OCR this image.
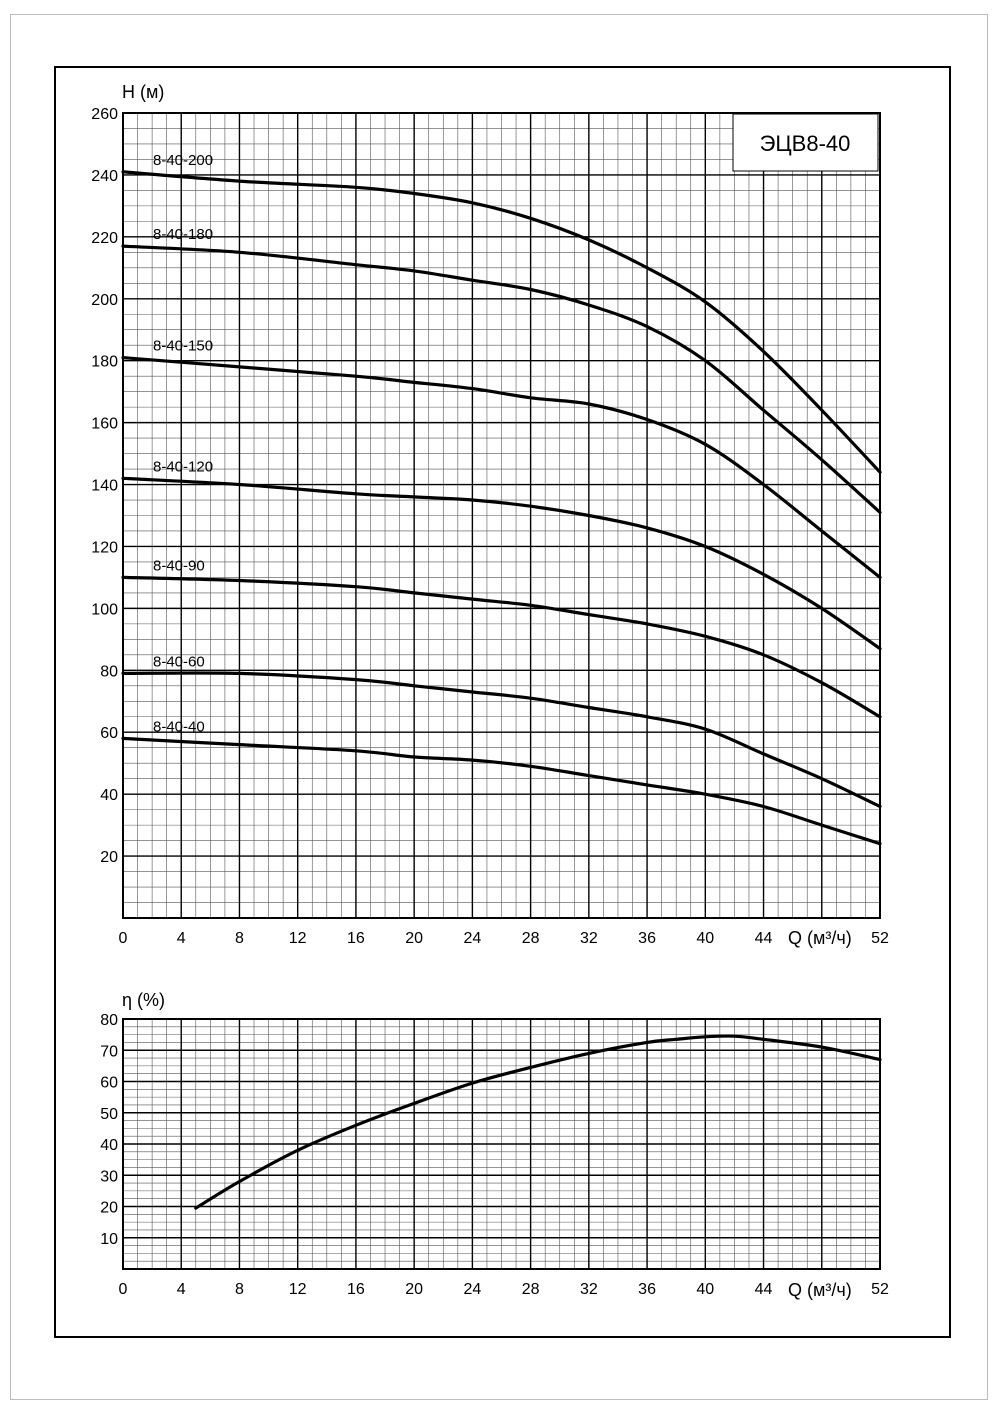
8-40-200
8-40-180
8-40-150
8-40-120
8-40-90
8-40-60
8-40-40
0	4	8	12	16	20	24	28	32	36	40	44	52
20
40
60
80
100
120
140
160
180
200
220
240
260
H (м)
Q (м³/ч)
ЭЦВ8-40
0	4	8	12	16	20	24	28	32	36	40	44	52
10
20
30
40
50
60
70
80
η (%)
Q (м³/ч)
